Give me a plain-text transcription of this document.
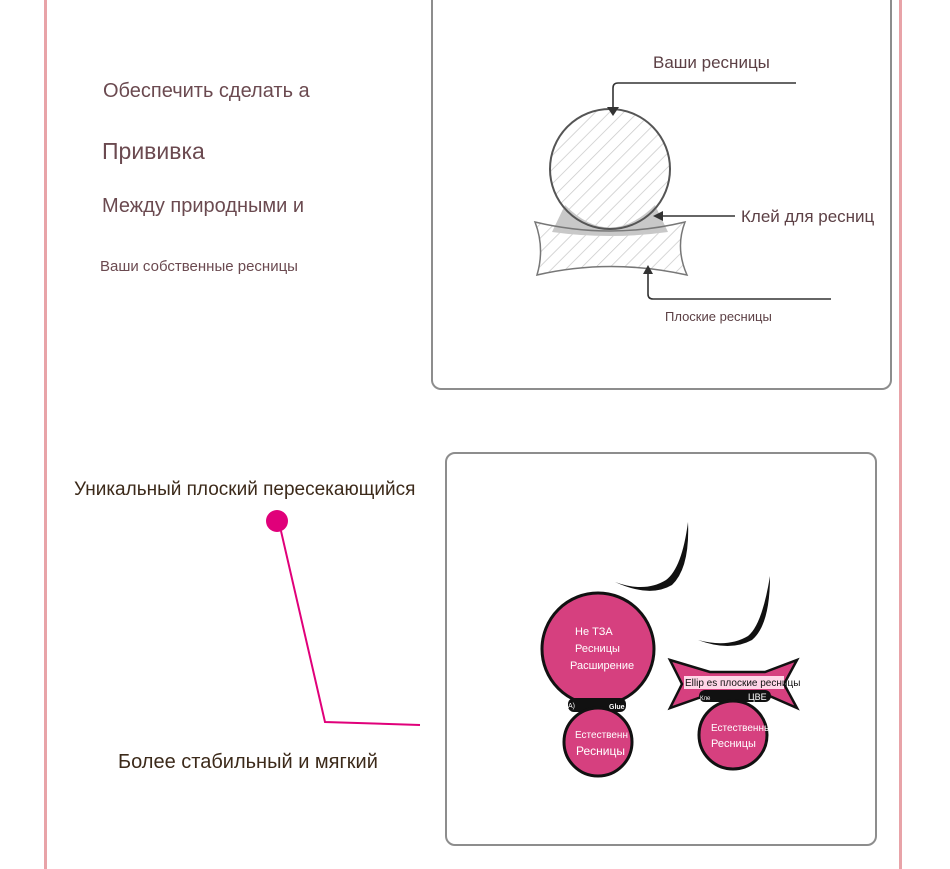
Обеспечить сделать а
Прививка
Между природными и
Ваши собственные ресницы
Ваши ресницы
Клей для ресниц
Плоские ресницы
Уникальный плоский пересекающийся
Более стабильный и мягкий
Не ТЗА
Ресницы
Расширение
A)	Glue
Естественн
Ресницы
Ellip es плоские ресницы
Кле	ЦВЕ
Естественный
Ресницы
